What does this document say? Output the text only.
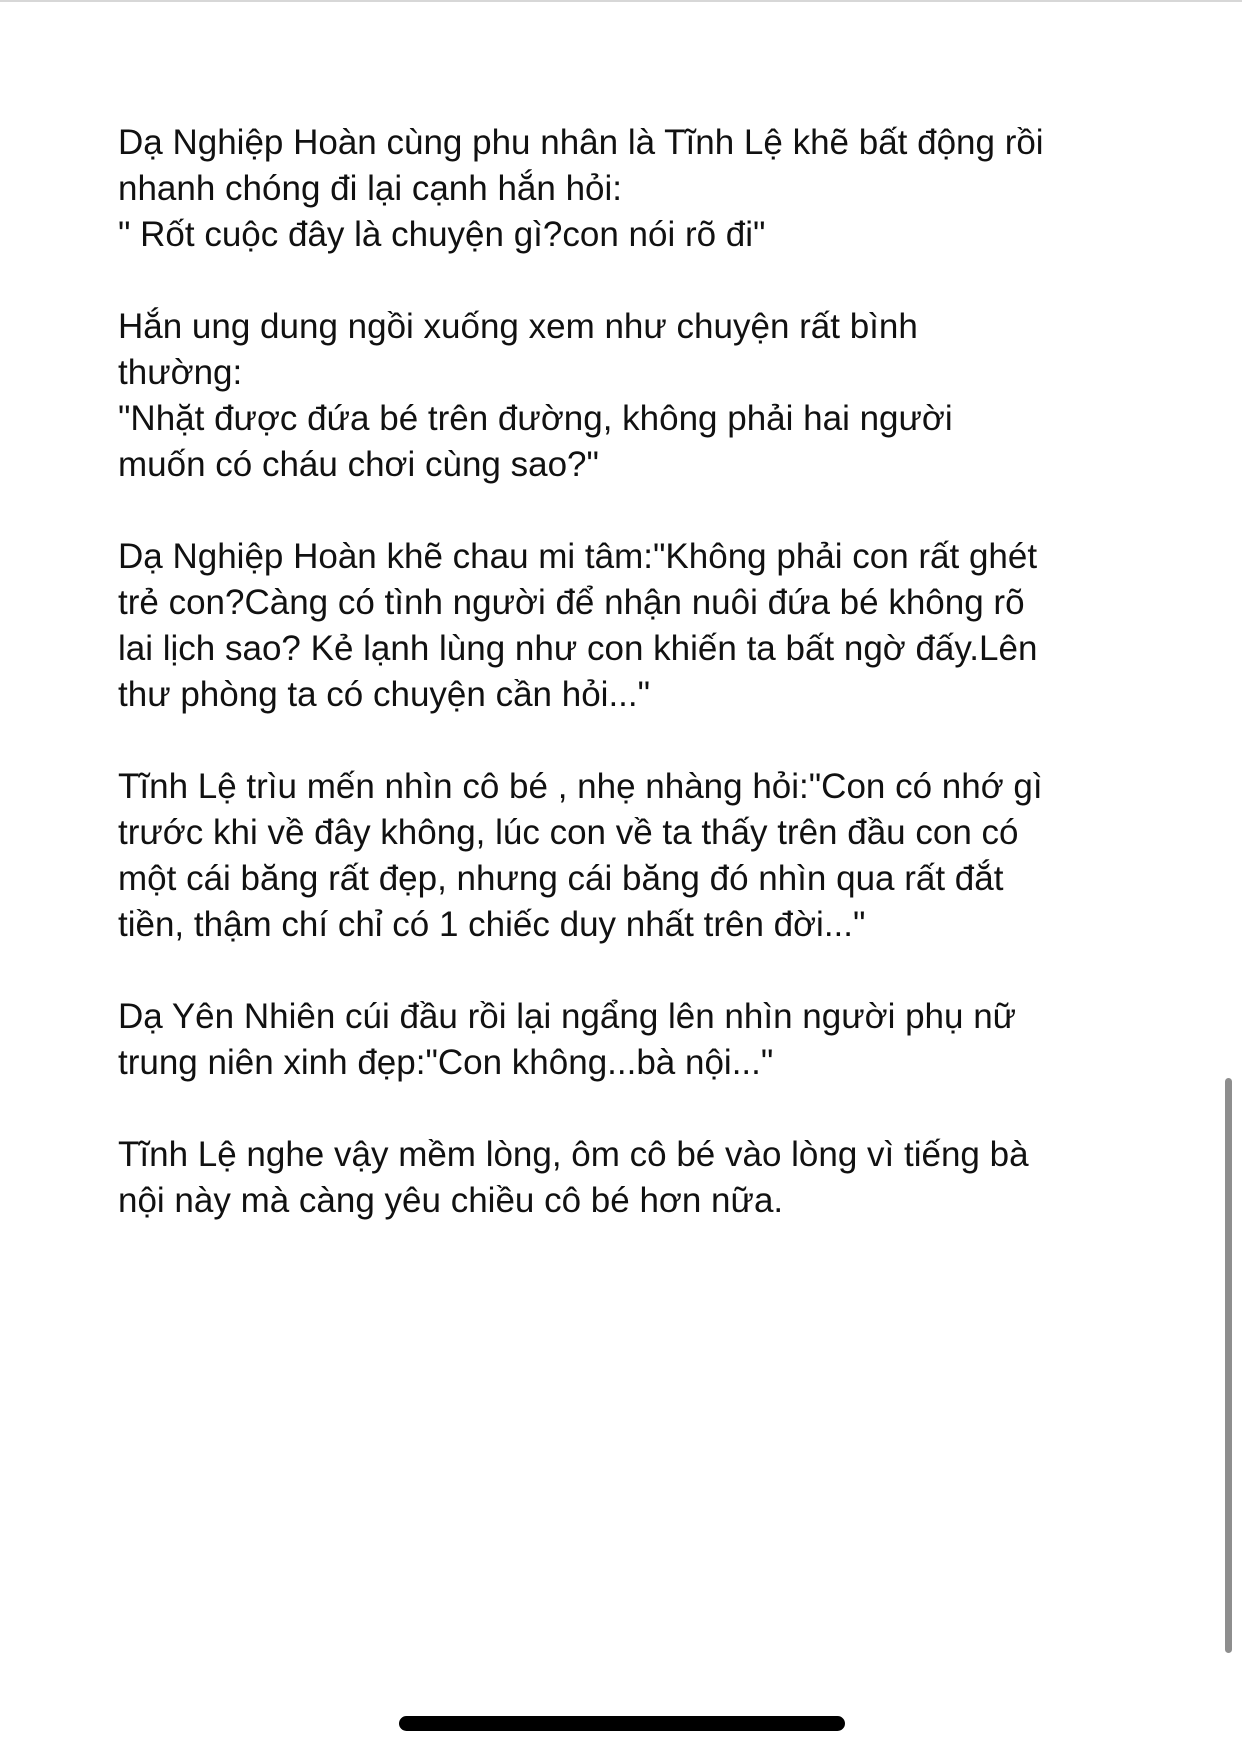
Dạ Nghiệp Hoàn cùng phu nhân là Tĩnh Lệ khẽ bất động rồi
nhanh chóng đi lại cạnh hắn hỏi:
" Rốt cuộc đây là chuyện gì?con nói rõ đi"

Hắn ung dung ngồi xuống xem như chuyện rất bình
thường:
"Nhặt được đứa bé trên đường, không phải hai người
muốn có cháu chơi cùng sao?"

Dạ Nghiệp Hoàn khẽ chau mi tâm:"Không phải con rất ghét
trẻ con?Càng có tình người để nhận nuôi đứa bé không rõ
lai lịch sao? Kẻ lạnh lùng như con khiến ta bất ngờ đấy.Lên
thư phòng ta có chuyện cần hỏi..."

Tĩnh Lệ trìu mến nhìn cô bé , nhẹ nhàng hỏi:"Con có nhớ gì
trước khi về đây không, lúc con về ta thấy trên đầu con có
một cái băng rất đẹp, nhưng cái băng đó nhìn qua rất đắt
tiền, thậm chí chỉ có 1 chiếc duy nhất trên đời..."

Dạ Yên Nhiên cúi đầu rồi lại ngẩng lên nhìn người phụ nữ
trung niên xinh đẹp:"Con không...bà nội..."

Tĩnh Lệ nghe vậy mềm lòng, ôm cô bé vào lòng vì tiếng bà
nội này mà càng yêu chiều cô bé hơn nữa.
